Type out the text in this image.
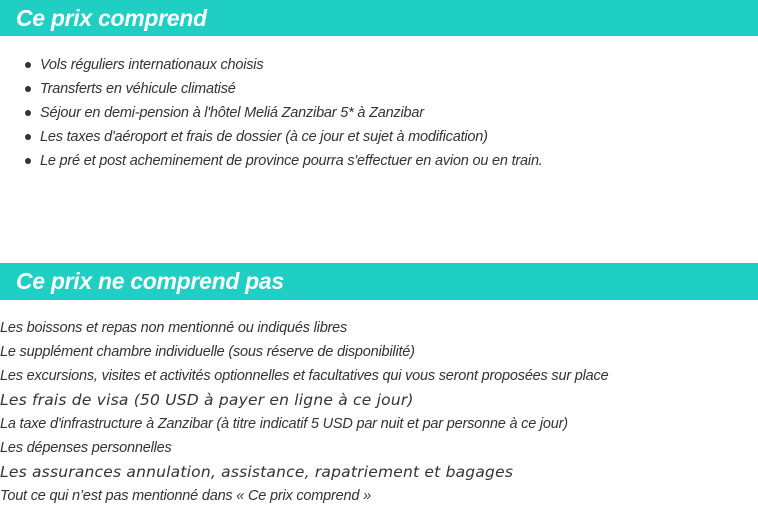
Ce prix comprend
Vols réguliers internationaux choisis
Transferts en véhicule climatisé
Séjour en demi-pension à l'hôtel Meliá Zanzibar 5* à Zanzibar
Les taxes d'aéroport et frais de dossier (à ce jour et sujet à modification)
Le pré et post acheminement de province pourra s'effectuer en avion ou en train.
Ce prix ne comprend pas
Les boissons et repas non mentionné ou indiqués libres
Le supplément chambre individuelle (sous réserve de disponibilité)
Les excursions, visites et activités optionnelles et facultatives qui vous seront proposées sur place
Les frais de visa (50 USD à payer en ligne à ce jour)
La taxe d'infrastructure à Zanzibar (à titre indicatif 5 USD par nuit et par personne à ce jour)
Les dépenses personnelles
Les assurances annulation, assistance, rapatriement et bagages
Tout ce qui n’est pas mentionné dans « Ce prix comprend »
